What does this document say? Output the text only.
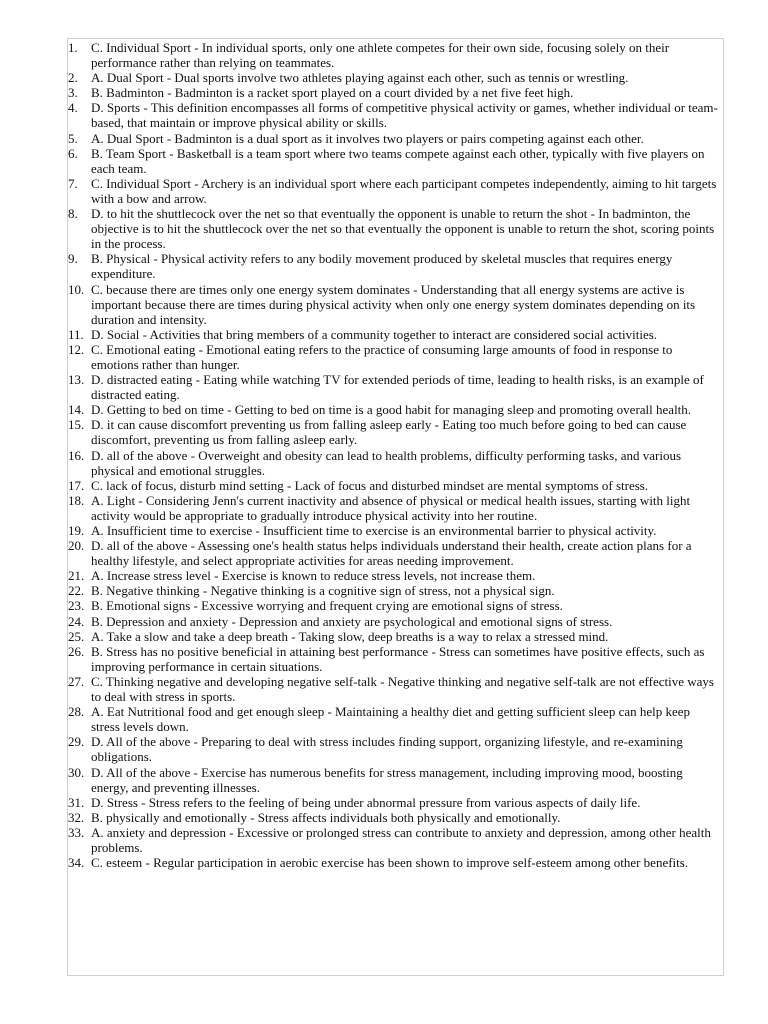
1. C. Individual Sport - In individual sports, only one athlete competes for their own side, focusing solely on their performance rather than relying on teammates.
2. A. Dual Sport - Dual sports involve two athletes playing against each other, such as tennis or wrestling.
3. B. Badminton - Badminton is a racket sport played on a court divided by a net five feet high.
4. D. Sports - This definition encompasses all forms of competitive physical activity or games, whether individual or team-based, that maintain or improve physical ability or skills.
5. A. Dual Sport - Badminton is a dual sport as it involves two players or pairs competing against each other.
6. B. Team Sport - Basketball is a team sport where two teams compete against each other, typically with five players on each team.
7. C. Individual Sport - Archery is an individual sport where each participant competes independently, aiming to hit targets with a bow and arrow.
8. D. to hit the shuttlecock over the net so that eventually the opponent is unable to return the shot - In badminton, the objective is to hit the shuttlecock over the net so that eventually the opponent is unable to return the shot, scoring points in the process.
9. B. Physical - Physical activity refers to any bodily movement produced by skeletal muscles that requires energy expenditure.
10. C. because there are times only one energy system dominates - Understanding that all energy systems are active is important because there are times during physical activity when only one energy system dominates depending on its duration and intensity.
11. D. Social - Activities that bring members of a community together to interact are considered social activities.
12. C. Emotional eating - Emotional eating refers to the practice of consuming large amounts of food in response to emotions rather than hunger.
13. D. distracted eating - Eating while watching TV for extended periods of time, leading to health risks, is an example of distracted eating.
14. D. Getting to bed on time - Getting to bed on time is a good habit for managing sleep and promoting overall health.
15. D. it can cause discomfort preventing us from falling asleep early - Eating too much before going to bed can cause discomfort, preventing us from falling asleep early.
16. D. all of the above - Overweight and obesity can lead to health problems, difficulty performing tasks, and various physical and emotional struggles.
17. C. lack of focus, disturb mind setting - Lack of focus and disturbed mindset are mental symptoms of stress.
18. A. Light - Considering Jenn's current inactivity and absence of physical or medical health issues, starting with light activity would be appropriate to gradually introduce physical activity into her routine.
19. A. Insufficient time to exercise - Insufficient time to exercise is an environmental barrier to physical activity.
20. D. all of the above - Assessing one's health status helps individuals understand their health, create action plans for a healthy lifestyle, and select appropriate activities for areas needing improvement.
21. A. Increase stress level - Exercise is known to reduce stress levels, not increase them.
22. B. Negative thinking - Negative thinking is a cognitive sign of stress, not a physical sign.
23. B. Emotional signs - Excessive worrying and frequent crying are emotional signs of stress.
24. B. Depression and anxiety - Depression and anxiety are psychological and emotional signs of stress.
25. A. Take a slow and take a deep breath - Taking slow, deep breaths is a way to relax a stressed mind.
26. B. Stress has no positive beneficial in attaining best performance - Stress can sometimes have positive effects, such as improving performance in certain situations.
27. C. Thinking negative and developing negative self-talk - Negative thinking and negative self-talk are not effective ways to deal with stress in sports.
28. A. Eat Nutritional food and get enough sleep - Maintaining a healthy diet and getting sufficient sleep can help keep stress levels down.
29. D. All of the above - Preparing to deal with stress includes finding support, organizing lifestyle, and re-examining obligations.
30. D. All of the above - Exercise has numerous benefits for stress management, including improving mood, boosting energy, and preventing illnesses.
31. D. Stress - Stress refers to the feeling of being under abnormal pressure from various aspects of daily life.
32. B. physically and emotionally - Stress affects individuals both physically and emotionally.
33. A. anxiety and depression - Excessive or prolonged stress can contribute to anxiety and depression, among other health problems.
34. C. esteem - Regular participation in aerobic exercise has been shown to improve self-esteem among other benefits.
